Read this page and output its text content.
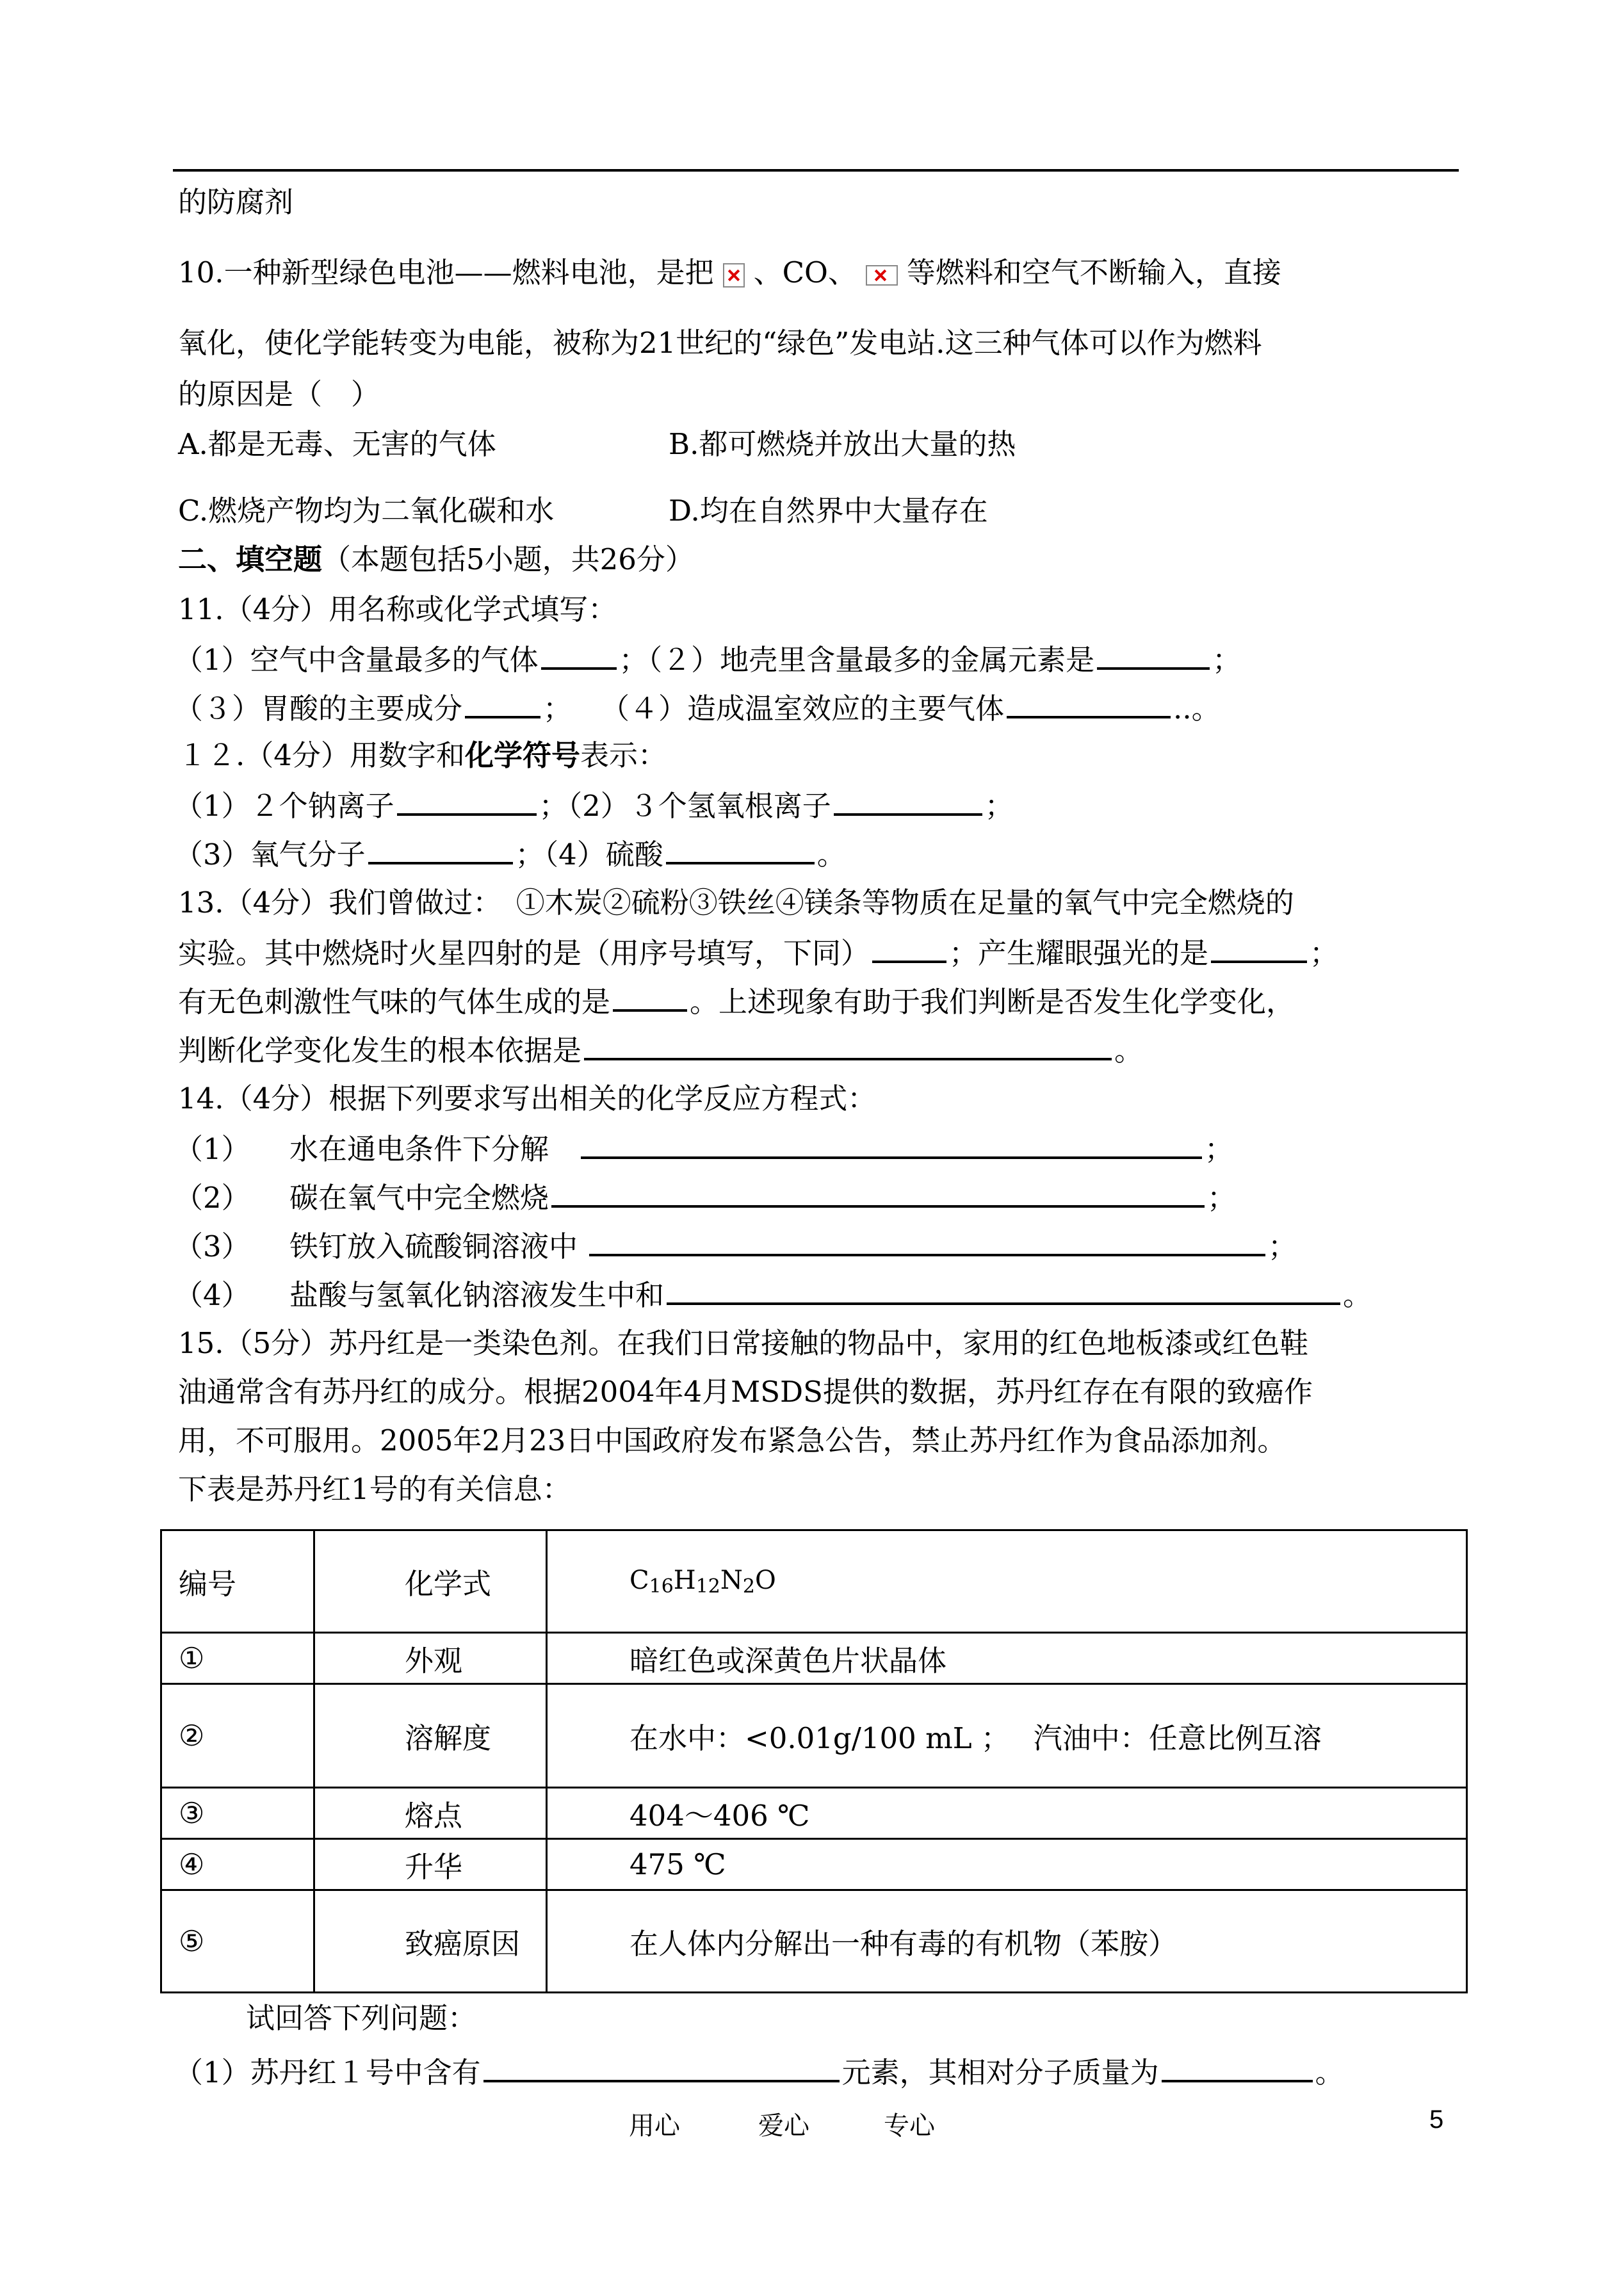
的防腐剂
10.一种新型绿色电池——燃料电池，是把 、CO、 等燃料和空气不断输入，直接
氧化，使化学能转变为电能，被称为21世纪的“绿色”发电站.这三种气体可以作为燃料
的原因是（　）
A.都是无毒、无害的气体	B.都可燃烧并放出大量的热
C.燃烧产物均为二氧化碳和水	D.均在自然界中大量存在
二、填空题（本题包括5小题，共26分）
11.（4分）用名称或化学式填写：
（1）空气中含量最多的气体	；（２）地壳里含量最多的金属元素是	；
（３）胃酸的主要成分	；　　（４）造成温室效应的主要气体	..。
１２.（4分）用数字和化学符号表示：
（1）２个钠离子	；（2）３个氢氧根离子	；
（3）氧气分子	；（4）硫酸	。
13.（4分）我们曾做过：　①木炭②硫粉③铁丝④镁条等物质在足量的氧气中完全燃烧的
实验。其中燃烧时火星四射的是（用序号填写，下同）	；产生耀眼强光的是	；
有无色刺激性气味的气体生成的是	。上述现象有助于我们判断是否发生化学变化，
判断化学变化发生的根本依据是	。
14.（4分）根据下列要求写出相关的化学反应方程式：
（1） 水在通电条件下分解	；
（2） 碳在氧气中完全燃烧	；
（3） 铁钉放入硫酸铜溶液中	；
（4） 盐酸与氢氧化钠溶液发生中和	。
15.（5分）苏丹红是一类染色剂。在我们日常接触的物品中，家用的红色地板漆或红色鞋
油通常含有苏丹红的成分。根据2004年4月MSDS提供的数据，苏丹红存在有限的致癌作
用，不可服用。2005年2月23日中国政府发布紧急公告，禁止苏丹红作为食品添加剂。
下表是苏丹红1号的有关信息：
编号	化学式	$C_{16}H_{12}N_2O$
①	外观	暗红色或深黄色片状晶体
②	溶解度	在水中：<0.01g/100 mL ；　 汽油中：任意比例互溶
③	熔点	404～406 ℃
④	升华	475 ℃
⑤	致癌原因	在人体内分解出一种有毒的有机物（苯胺）
试回答下列问题：
（1）苏丹红１号中含有	元素，其相对分子质量为	。
用心	爱心	专心	5
